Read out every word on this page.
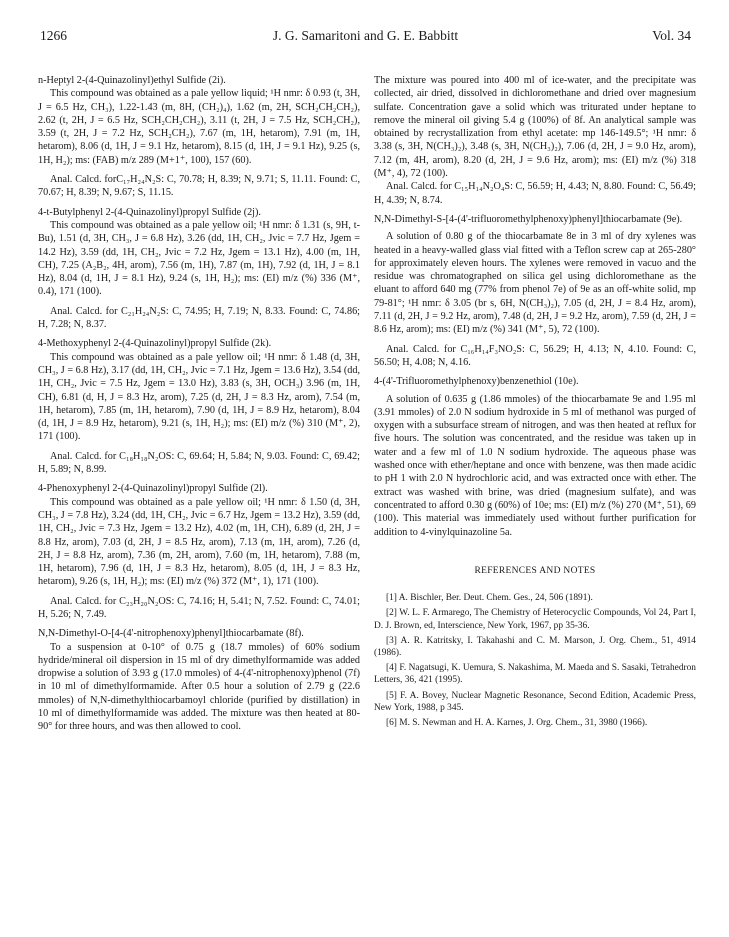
1266	J. G. Samaritoni and G. E. Babbitt	Vol. 34

n-Heptyl 2-(4-Quinazolinyl)ethyl Sulfide (2i).

This compound was obtained as a pale yellow liquid; ¹H nmr: δ 0.93 (t, 3H, J = 6.5 Hz, CH₃), 1.22-1.43 (m, 8H, (CH₂)₄), 1.62 (m, 2H, SCH₂CH₂CH₂), 2.62 (t, 2H, J = 6.5 Hz, SCH₂CH₂CH₂), 3.11 (t, 2H, J = 7.5 Hz, SCH₂CH₂), 3.59 (t, 2H, J = 7.2 Hz, SCH₂CH₂), 7.67 (m, 1H, hetarom), 7.91 (m, 1H, hetarom), 8.06 (d, 1H, J = 9.1 Hz, hetarom), 8.15 (d, 1H, J = 9.1 Hz), 9.25 (s, 1H, H₂); ms: (FAB) m/z 289 (M+1⁺, 100), 157 (60).

Anal. Calcd. forC₁₇H₂₄N₂S: C, 70.78; H, 8.39; N, 9.71; S, 11.11. Found: C, 70.67; H, 8.39; N, 9.67; S, 11.15.

4-t-Butylphenyl 2-(4-Quinazolinyl)propyl Sulfide (2j).

This compound was obtained as a pale yellow oil; ¹H nmr: δ 1.31 (s, 9H, t-Bu), 1.51 (d, 3H, CH₃, J = 6.8 Hz), 3.26 (dd, 1H, CH₂, Jvic = 7.7 Hz, Jgem = 14.2 Hz), 3.59 (dd, 1H, CH₂, Jvic = 7.2 Hz, Jgem = 13.1 Hz), 4.00 (m, 1H, CH), 7.25 (A₂B₂, 4H, arom), 7.56 (m, 1H), 7.87 (m, 1H), 7.92 (d, 1H, J = 8.1 Hz), 8.04 (d, 1H, J = 8.1 Hz), 9.24 (s, 1H, H₂); ms: (EI) m/z (%) 336 (M⁺, 0.4), 171 (100).

Anal. Calcd. for C₂₁H₂₄N₂S: C, 74.95; H, 7.19; N, 8.33. Found: C, 74.86; H, 7.28; N, 8.37.

4-Methoxyphenyl 2-(4-Quinazolinyl)propyl Sulfide (2k).

This compound was obtained as a pale yellow oil; ¹H nmr: δ 1.48 (d, 3H, CH₃, J = 6.8 Hz), 3.17 (dd, 1H, CH₂, Jvic = 7.1 Hz, Jgem = 13.6 Hz), 3.54 (dd, 1H, CH₂, Jvic = 7.5 Hz, Jgem = 13.0 Hz), 3.83 (s, 3H, OCH₃) 3.96 (m, 1H, CH), 6.81 (d, H, J = 8.3 Hz, arom), 7.25 (d, 2H, J = 8.3 Hz, arom), 7.54 (m, 1H, hetarom), 7.85 (m, 1H, hetarom), 7.90 (d, 1H, J = 8.9 Hz, hetarom), 8.04 (d, 1H, J = 8.9 Hz, hetarom), 9.21 (s, 1H, H₂); ms: (EI) m/z (%) 310 (M⁺, 2), 171 (100).

Anal. Calcd. for C₁₈H₁₈N₂OS: C, 69.64; H, 5.84; N, 9.03. Found: C, 69.42; H, 5.89; N, 8.99.

4-Phenoxyphenyl 2-(4-Quinazolinyl)propyl Sulfide (2l).

This compound was obtained as a pale yellow oil; ¹H nmr: δ 1.50 (d, 3H, CH₃, J = 7.8 Hz), 3.24 (dd, 1H, CH₂, Jvic = 6.7 Hz, Jgem = 13.2 Hz), 3.59 (dd, 1H, CH₂, Jvic = 7.3 Hz, Jgem = 13.2 Hz), 4.02 (m, 1H, CH), 6.89 (d, 2H, J = 8.8 Hz, arom), 7.03 (d, 2H, J = 8.5 Hz, arom), 7.13 (m, 1H, arom), 7.26 (d, 2H, J = 8.8 Hz, arom), 7.36 (m, 2H, arom), 7.60 (m, 1H, hetarom), 7.88 (m, 1H, hetarom), 7.96 (d, 1H, J = 8.3 Hz, hetarom), 8.05 (d, 1H, J = 8.3 Hz, hetarom), 9.26 (s, 1H, H₂); ms: (EI) m/z (%) 372 (M⁺, 1), 171 (100).

Anal. Calcd. for C₂₃H₂₀N₂OS: C, 74.16; H, 5.41; N, 7.52. Found: C, 74.01; H, 5.26; N, 7.49.

N,N-Dimethyl-O-[4-(4'-nitrophenoxy)phenyl]thiocarbamate (8f).

To a suspension at 0-10° of 0.75 g (18.7 mmoles) of 60% sodium hydride/mineral oil dispersion in 15 ml of dry dimethylformamide was added dropwise a solution of 3.93 g (17.0 mmoles) of 4-(4'-nitrophenoxy)phenol (7f) in 10 ml of dimethylformamide. After 0.5 hour a solution of 2.79 g (22.6 mmoles) of N,N-dimethylthiocarbamoyl chloride (purified by distillation) in 10 ml of dimethylformamide was added. The mixture was then heated at 80-90° for three hours, and was then allowed to cool.

The mixture was poured into 400 ml of ice-water, and the precipitate was collected, air dried, dissolved in dichloromethane and dried over magnesium sulfate. Concentration gave a solid which was triturated under heptane to remove the mineral oil giving 5.4 g (100%) of 8f. An analytical sample was obtained by recrystallization from ethyl acetate: mp 146-149.5°; ¹H nmr: δ 3.38 (s, 3H, N(CH₃)₂), 3.48 (s, 3H, N(CH₃)₂), 7.06 (d, 2H, J = 9.0 Hz, arom), 7.12 (m, 4H, arom), 8.20 (d, 2H, J = 9.6 Hz, arom); ms: (EI) m/z (%) 318 (M⁺, 4), 72 (100).

Anal. Calcd. for C₁₅H₁₄N₂O₄S: C, 56.59; H, 4.43; N, 8.80. Found: C, 56.49; H, 4.39; N, 8.74.

N,N-Dimethyl-S-[4-(4'-trifluoromethylphenoxy)phenyl]thiocarbamate (9e).

A solution of 0.80 g of the thiocarbamate 8e in 3 ml of dry xylenes was heated in a heavy-walled glass vial fitted with a Teflon screw cap at 265-280° for approximately eleven hours. The xylenes were removed in vacuo and the residue was chromatographed on silica gel using dichloromethane as the eluant to afford 640 mg (77% from phenol 7e) of 9e as an off-white solid, mp 79-81°; ¹H nmr: δ 3.05 (br s, 6H, N(CH₃)₂), 7.05 (d, 2H, J = 8.4 Hz, arom), 7.11 (d, 2H, J = 9.2 Hz, arom), 7.48 (d, 2H, J = 9.2 Hz, arom), 7.59 (d, 2H, J = 8.6 Hz, arom); ms: (EI) m/z (%) 341 (M⁺, 5), 72 (100).

Anal. Calcd. for C₁₆H₁₄F₃NO₂S: C, 56.29; H, 4.13; N, 4.10. Found: C, 56.50; H, 4.08; N, 4.16.

4-(4'-Trifluoromethylphenoxy)benzenethiol (10e).

A solution of 0.635 g (1.86 mmoles) of the thiocarbamate 9e and 1.95 ml (3.91 mmoles) of 2.0 N sodium hydroxide in 5 ml of methanol was purged of oxygen with a subsurface stream of nitrogen, and was then heated at reflux for five hours. The solution was concentrated, and the residue was taken up in water and a few ml of 1.0 N sodium hydroxide. The aqueous phase was washed once with ether/heptane and once with benzene, was then made acidic to pH 1 with 2.0 N hydrochloric acid, and was extracted once with ether. The extract was washed with brine, was dried (magnesium sulfate), and was concentrated to afford 0.30 g (60%) of 10e; ms: (EI) m/z (%) 270 (M⁺, 51), 69 (100). This material was immediately used without further purification for addition to 4-vinylquinazoline 5a.

REFERENCES AND NOTES

[1] A. Bischler, Ber. Deut. Chem. Ges., 24, 506 (1891).

[2] W. L. F. Armarego, The Chemistry of Heterocyclic Compounds, Vol 24, Part I, D. J. Brown, ed, Interscience, New York, 1967, pp 35-36.

[3] A. R. Katritsky, I. Takahashi and C. M. Marson, J. Org. Chem., 51, 4914 (1986).

[4] F. Nagatsugi, K. Uemura, S. Nakashima, M. Maeda and S. Sasaki, Tetrahedron Letters, 36, 421 (1995).

[5] F. A. Bovey, Nuclear Magnetic Resonance, Second Edition, Academic Press, New York, 1988, p 345.

[6] M. S. Newman and H. A. Karnes, J. Org. Chem., 31, 3980 (1966).
